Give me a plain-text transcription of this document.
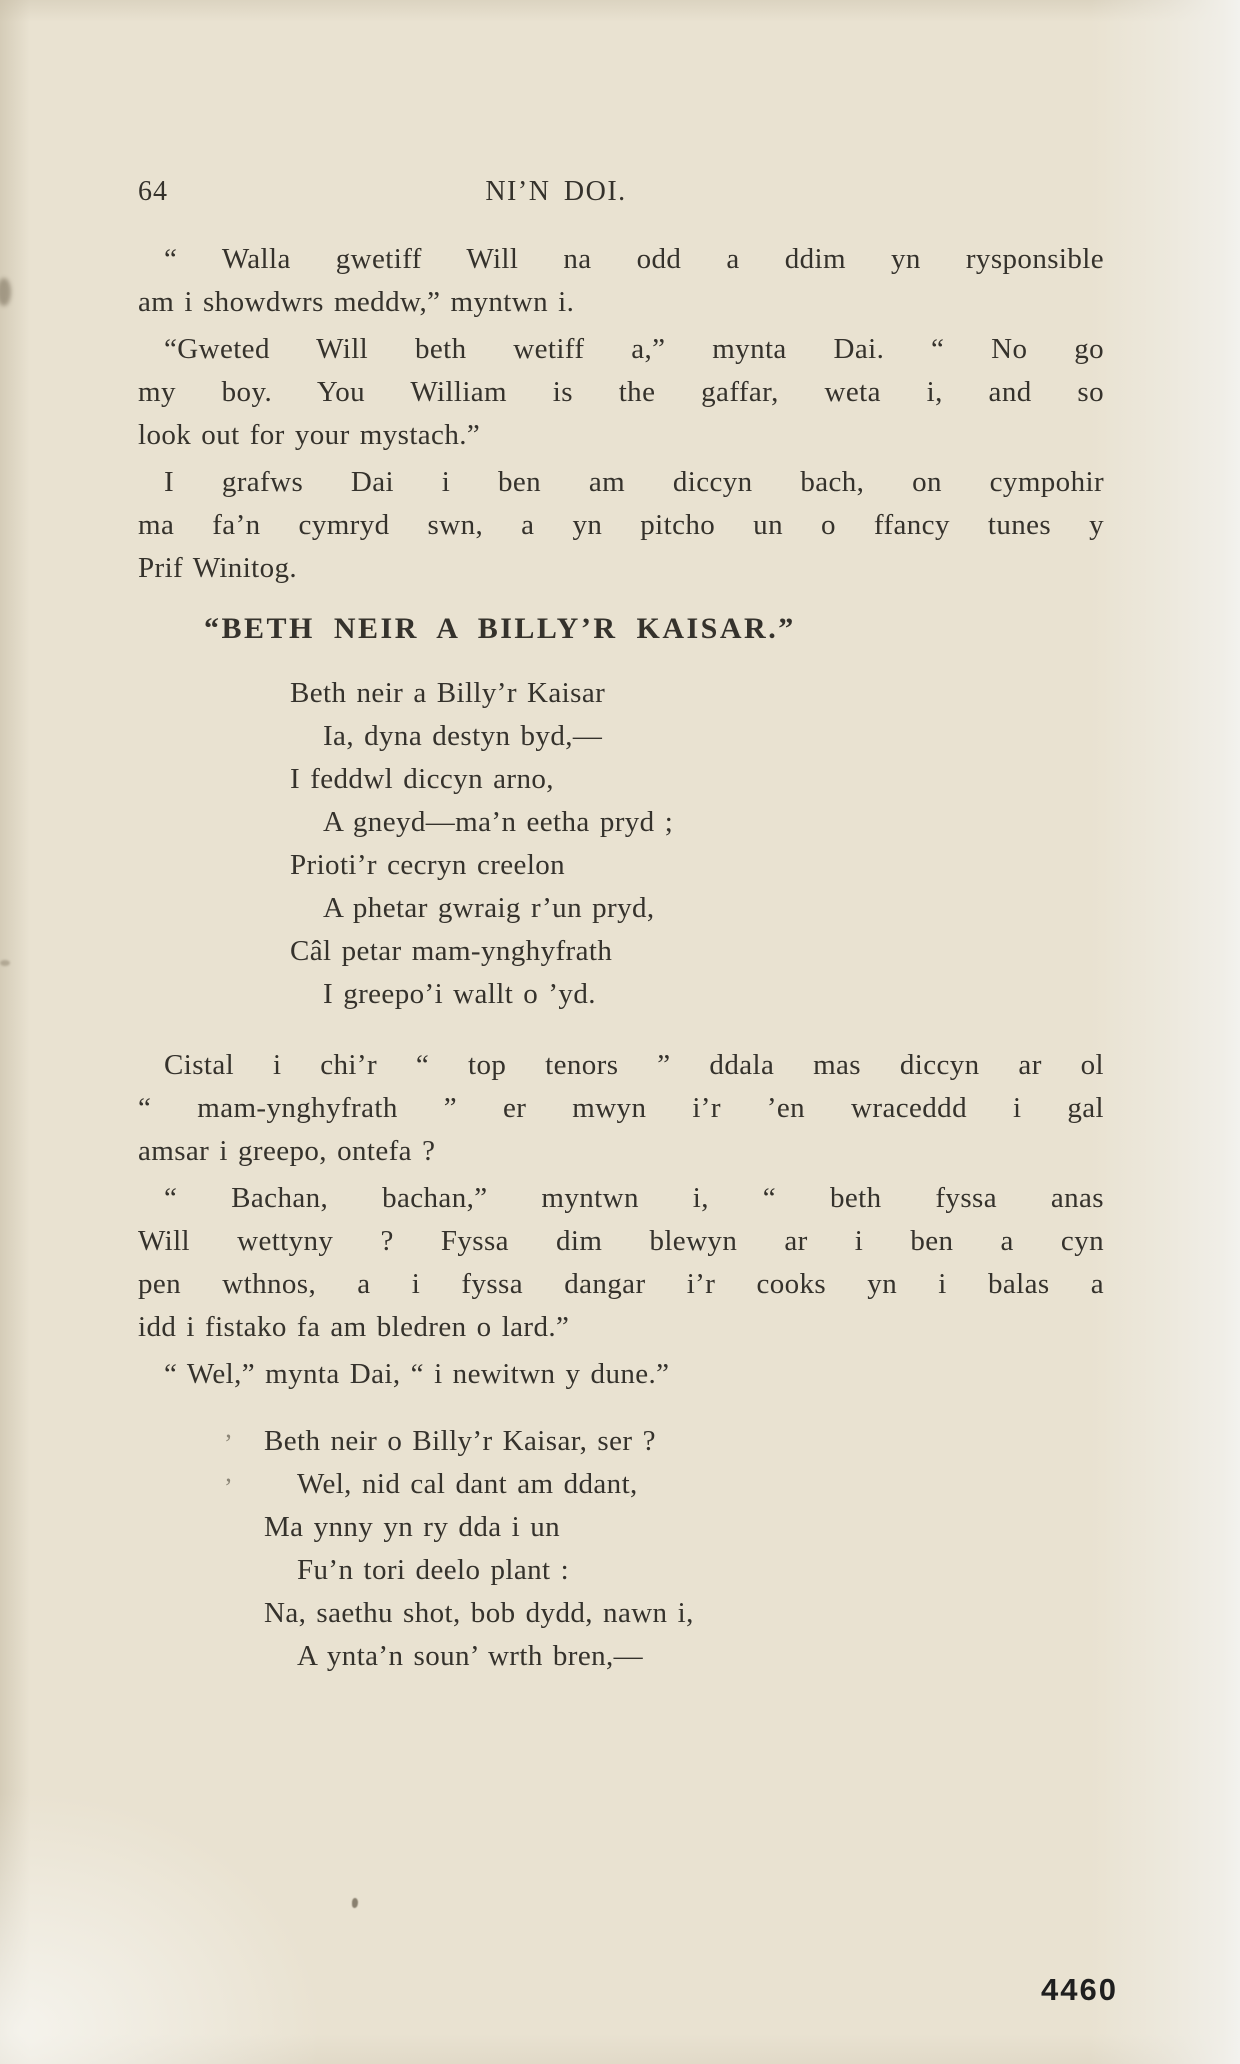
64	NI’N DOI.
“ Walla gwetiff Will na odd a ddim yn rysponsible
am i showdwrs meddw,” myntwn i.
“Gweted Will beth wetiff a,” mynta Dai. “ No go
my boy. You William is the gaffar, weta i, and so
look out for your mystach.”
I grafws Dai i ben am diccyn bach, on cympohir
ma fa’n cymryd swn, a yn pitcho un o ffancy tunes y
Prif Winitog.
“BETH NEIR A BILLY’R KAISAR.”
Beth neir a Billy’r Kaisar
Ia, dyna destyn byd,—
I feddwl diccyn arno,
A gneyd—ma’n eetha pryd ;
Prioti’r cecryn creelon
A phetar gwraig r’un pryd,
Câl petar mam-ynghyfrath
I greepo’i wallt o ’yd.
Cistal i chi’r “ top tenors ” ddala mas diccyn ar ol
“ mam-ynghyfrath ” er mwyn i’r ’en wraceddd i gal
amsar i greepo, ontefa ?
“ Bachan, bachan,” myntwn i, “ beth fyssa anas
Will wettyny ? Fyssa dim blewyn ar i ben a cyn
pen wthnos, a i fyssa dangar i’r cooks yn i balas a
idd i fistako fa am bledren o lard.”
“ Wel,” mynta Dai, “ i newitwn y dune.”
’
’
Beth neir o Billy’r Kaisar, ser ?
Wel, nid cal dant am ddant,
Ma ynny yn ry dda i un
Fu’n tori deelo plant :
Na, saethu shot, bob dydd, nawn i,
A ynta’n soun’ wrth bren,—
4460
